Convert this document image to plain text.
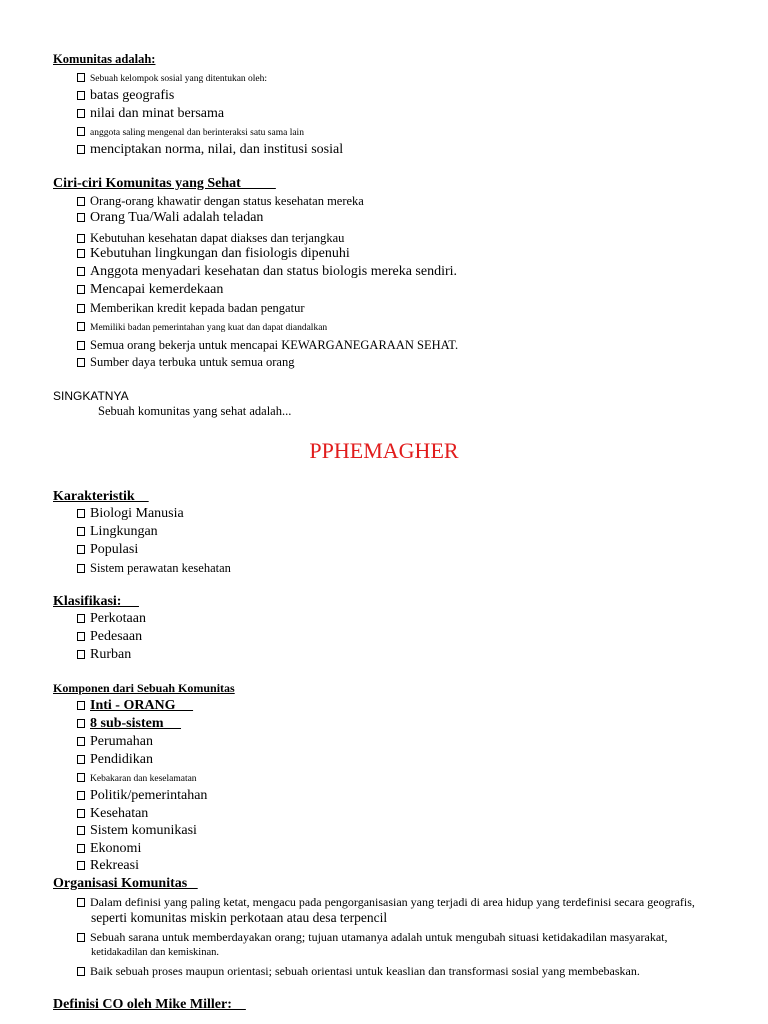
Komunitas adalah:
Sebuah kelompok sosial yang ditentukan oleh:
batas geografis
nilai dan minat bersama
anggota saling mengenal dan berinteraksi satu sama lain
menciptakan norma, nilai, dan institusi sosial
Ciri-ciri Komunitas yang Sehat
Orang-orang khawatir dengan status kesehatan mereka
Orang Tua/Wali adalah teladan
Kebutuhan kesehatan dapat diakses dan terjangkau
Kebutuhan lingkungan dan fisiologis dipenuhi
Anggota menyadari kesehatan dan status biologis mereka sendiri.
Mencapai kemerdekaan
Memberikan kredit kepada badan pengatur
Memiliki badan pemerintahan yang kuat dan dapat diandalkan
Semua orang bekerja untuk mencapai KEWARGANEGARAAN SEHAT.
Sumber daya terbuka untuk semua orang
SINGKATNYA
Sebuah komunitas yang sehat adalah...
PPHEMAGHER
Karakteristik
Biologi Manusia
Lingkungan
Populasi
Sistem perawatan kesehatan
Klasifikasi:
Perkotaan
Pedesaan
Rurban
Komponen dari Sebuah Komunitas
Inti - ORANG
8 sub-sistem
Perumahan
Pendidikan
Kebakaran dan keselamatan
Politik/pemerintahan
Kesehatan
Sistem komunikasi
Ekonomi
Rekreasi
Organisasi Komunitas
Dalam definisi yang paling ketat, mengacu pada pengorganisasian yang terjadi di area hidup yang terdefinisi secara geografis,
seperti komunitas miskin perkotaan atau desa terpencil
Sebuah sarana untuk memberdayakan orang; tujuan utamanya adalah untuk mengubah situasi ketidakadilan masyarakat,
ketidakadilan dan kemiskinan.
Baik sebuah proses maupun orientasi; sebuah orientasi untuk keaslian dan transformasi sosial yang membebaskan.
Definisi CO oleh Mike Miller:
